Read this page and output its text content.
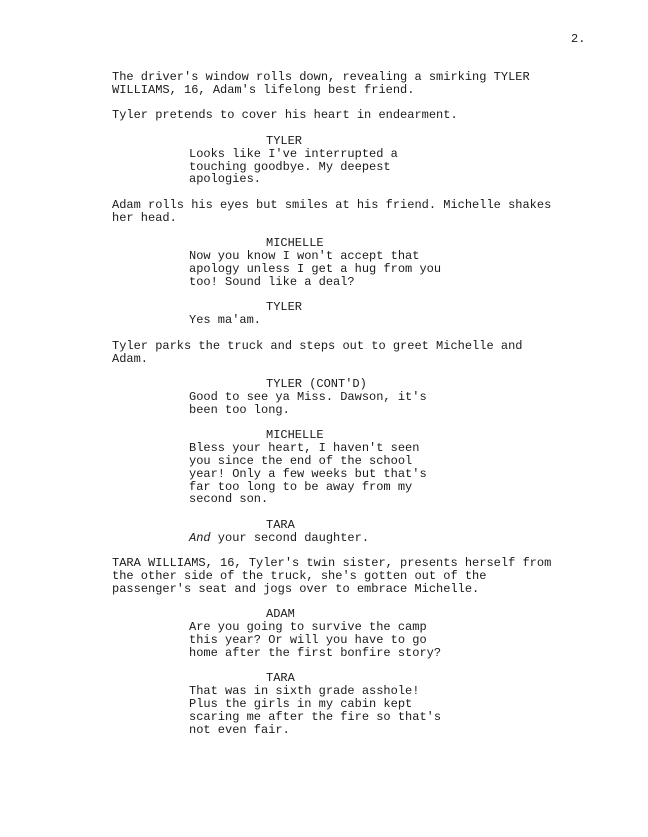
2.
The driver's window rolls down, revealing a smirking TYLER
WILLIAMS, 16, Adam's lifelong best friend.
Tyler pretends to cover his heart in endearment.
TYLER
Looks like I've interrupted a
touching goodbye. My deepest
apologies.
Adam rolls his eyes but smiles at his friend. Michelle shakes
her head.
MICHELLE
Now you know I won't accept that
apology unless I get a hug from you
too! Sound like a deal?
TYLER
Yes ma'am.
Tyler parks the truck and steps out to greet Michelle and
Adam.
TYLER (CONT'D)
Good to see ya Miss. Dawson, it's
been too long.
MICHELLE
Bless your heart, I haven't seen
you since the end of the school
year! Only a few weeks but that's
far too long to be away from my
second son.
TARA
And your second daughter.
TARA WILLIAMS, 16, Tyler's twin sister, presents herself from
the other side of the truck, she's gotten out of the
passenger's seat and jogs over to embrace Michelle.
ADAM
Are you going to survive the camp
this year? Or will you have to go
home after the first bonfire story?
TARA
That was in sixth grade asshole!
Plus the girls in my cabin kept
scaring me after the fire so that's
not even fair.
